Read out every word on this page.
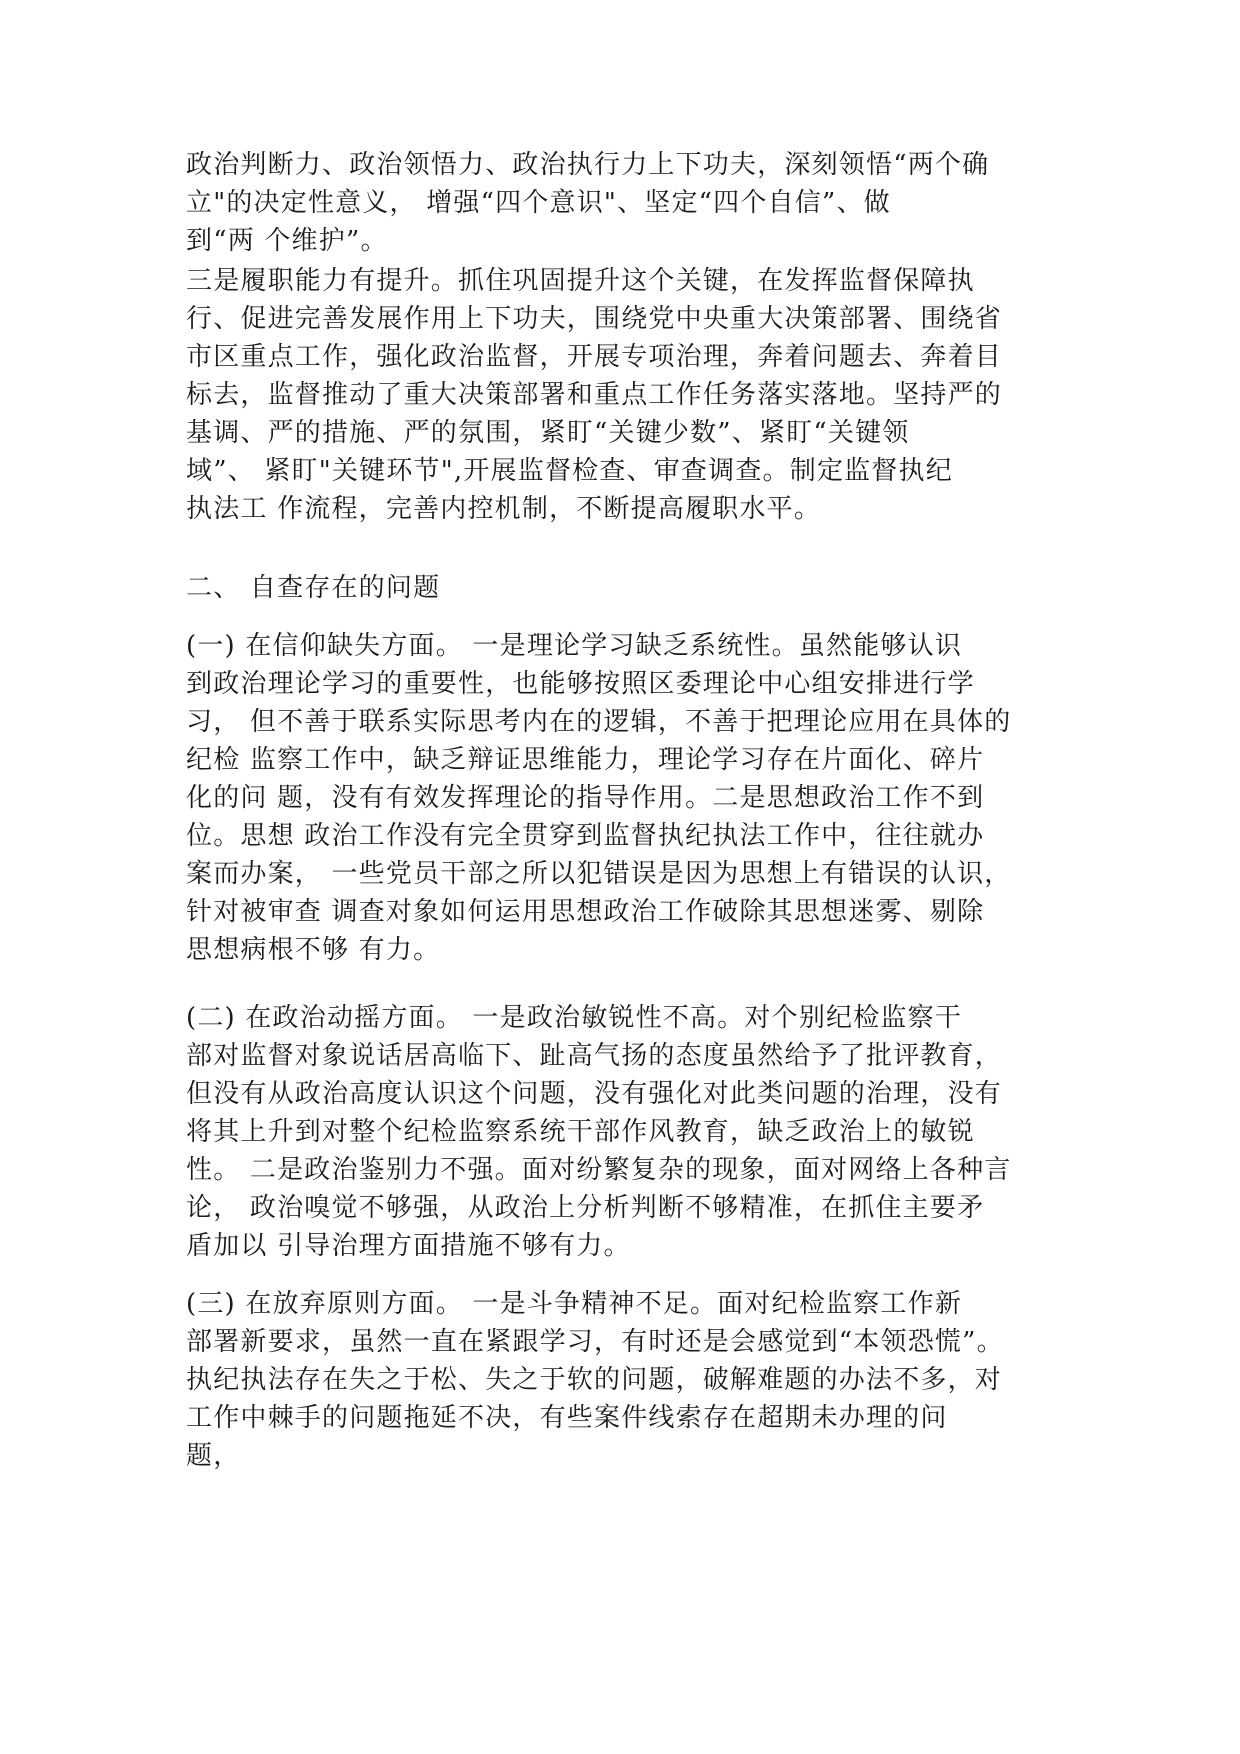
政治判断力、政治领悟力、政治执行力上下功夫，深刻领悟“两个确
立"的决定性意义， 增强“四个意识"、坚定“四个自信”、做
到“两 个维护”。
三是履职能力有提升。抓住巩固提升这个关键，在发挥监督保障执
行、促进完善发展作用上下功夫，围绕党中央重大决策部署、围绕省
市区重点工作，强化政治监督，开展专项治理，奔着问题去、奔着目
标去，监督推动了重大决策部署和重点工作任务落实落地。坚持严的
基调、严的措施、严的氛围，紧盯“关键少数”、紧盯“关键领
域”、 紧盯"关键环节",开展监督检查、审查调查。制定监督执纪
执法工 作流程，完善内控机制，不断提高履职水平。
二、 自查存在的问题
(一) 在信仰缺失方面。 一是理论学习缺乏系统性。虽然能够认识
到政治理论学习的重要性，也能够按照区委理论中心组安排进行学
习， 但不善于联系实际思考内在的逻辑，不善于把理论应用在具体的
纪检 监察工作中，缺乏辩证思维能力，理论学习存在片面化、碎片
化的问 题，没有有效发挥理论的指导作用。二是思想政治工作不到
位。思想 政治工作没有完全贯穿到监督执纪执法工作中，往往就办
案而办案， 一些党员干部之所以犯错误是因为思想上有错误的认识，
针对被审查 调查对象如何运用思想政治工作破除其思想迷雾、剔除
思想病根不够 有力。
(二) 在政治动摇方面。 一是政治敏锐性不高。对个别纪检监察干
部对监督对象说话居高临下、趾高气扬的态度虽然给予了批评教育，
但没有从政治高度认识这个问题，没有强化对此类问题的治理，没有
将其上升到对整个纪检监察系统干部作风教育，缺乏政治上的敏锐
性。 二是政治鉴别力不强。面对纷繁复杂的现象，面对网络上各种言
论， 政治嗅觉不够强，从政治上分析判断不够精准，在抓住主要矛
盾加以 引导治理方面措施不够有力。
(三) 在放弃原则方面。 一是斗争精神不足。面对纪检监察工作新
部署新要求，虽然一直在紧跟学习，有时还是会感觉到“本领恐慌”。
执纪执法存在失之于松、失之于软的问题，破解难题的办法不多，对
工作中棘手的问题拖延不决，有些案件线索存在超期未办理的问
题，
